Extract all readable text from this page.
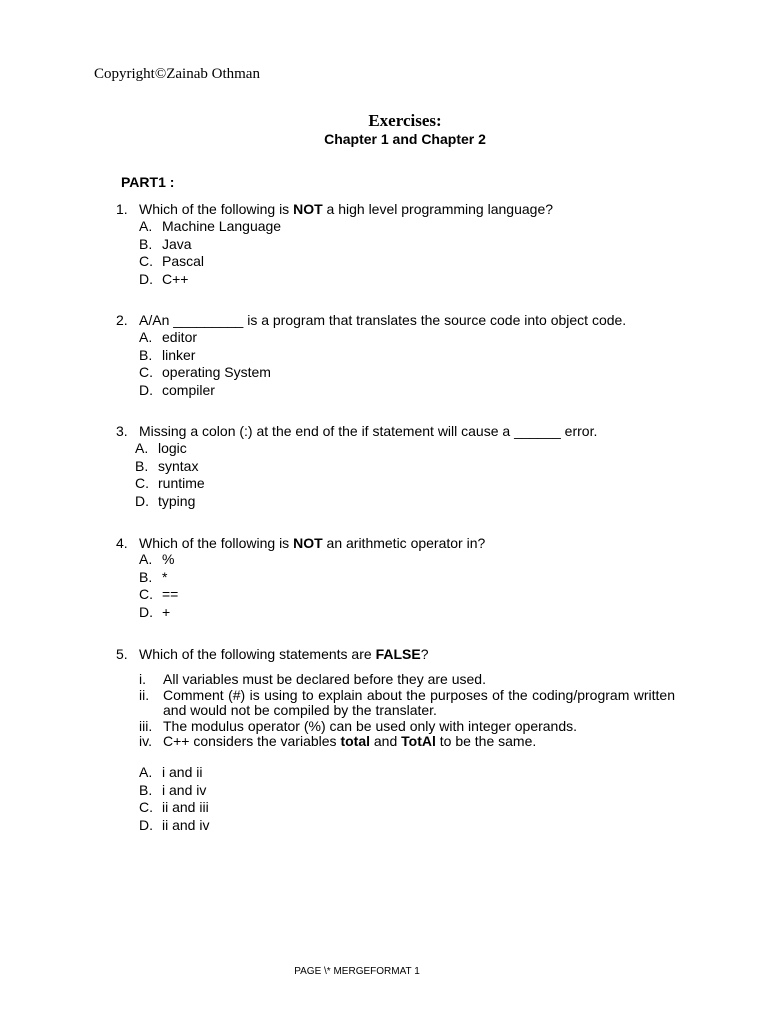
Copyright©Zainab Othman
Exercises:
Chapter 1 and Chapter 2
PART1 :
1. Which of the following is NOT a high level programming language?
A. Machine Language
B. Java
C. Pascal
D. C++
2. A/An _________ is a program that translates the source code into object code.
A. editor
B. linker
C. operating System
D. compiler
3. Missing a colon (:) at the end of the if statement will cause a ______ error.
A. logic
B. syntax
C. runtime
D. typing
4. Which of the following is NOT an arithmetic operator in?
A. %
B. *
C. ==
D. +
5. Which of the following statements are FALSE?
i.	All variables must be declared before they are used.
ii. Comment (#) is using to explain about the purposes of the coding/program written and would not be compiled by the translater.
iii. The modulus operator (%) can be used only with integer operands.
iv. C++ considers the variables total and TotAl to be the same.
A. i and ii
B. i and iv
C. ii and iii
D. ii and iv
PAGE \* MERGEFORMAT 1
